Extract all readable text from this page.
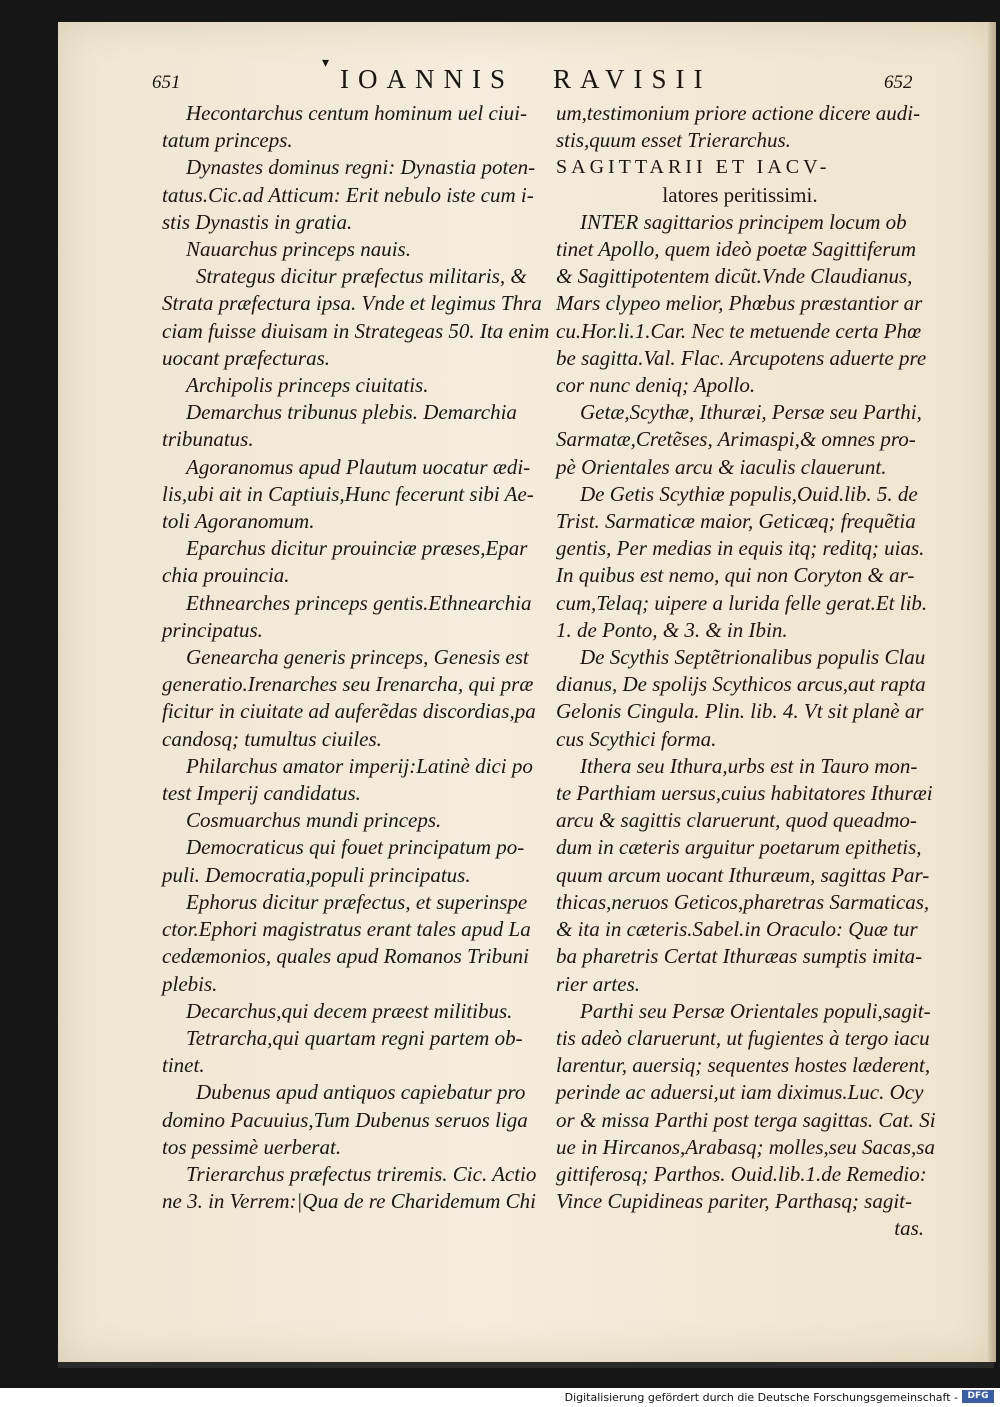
651	652
▾
IOANNIS RAVISII
Hecontarchus centum hominum uel ciui-
tatum princeps.
Dynastes dominus regni: Dynastia poten-
tatus.Cic.ad Atticum: Erit nebulo iste cum i-
stis Dynastis in gratia.
Nauarchus princeps nauis.
Strategus dicitur præfectus militaris, &
Strata præfectura ipsa. Vnde et legimus Thra
ciam fuisse diuisam in Strategeas 50. Ita enim
uocant præfecturas.
Archipolis princeps ciuitatis.
Demarchus tribunus plebis. Demarchia
tribunatus.
Agoranomus apud Plautum uocatur ædi-
lis,ubi ait in Captiuis,Hunc fecerunt sibi Ae-
toli Agoranomum.
Eparchus dicitur prouinciæ præses,Epar
chia prouincia.
Ethnearches princeps gentis.Ethnearchia
principatus.
Genearcha generis princeps, Genesis est
generatio.Irenarches seu Irenarcha, qui præ
ficitur in ciuitate ad auferẽdas discordias,pa
candosq; tumultus ciuiles.
Philarchus amator imperij:Latinè dici po
test Imperij candidatus.
Cosmuarchus mundi princeps.
Democraticus qui fouet principatum po-
puli. Democratia,populi principatus.
Ephorus dicitur præfectus, et superinspe
ctor.Ephori magistratus erant tales apud La
cedæmonios, quales apud Romanos Tribuni
plebis.
Decarchus,qui decem præest militibus.
Tetrarcha,qui quartam regni partem ob-
tinet.
Dubenus apud antiquos capiebatur pro
domino Pacuuius,Tum Dubenus seruos liga
tos pessimè uerberat.
Trierarchus præfectus triremis. Cic. Actio
ne 3. in Verrem:|Qua de re Charidemum Chi
um,testimonium priore actione dicere audi-
stis,quum esset Trierarchus.
SAGITTARII ET IACV-
latores peritissimi.
INTER sagittarios principem locum ob
tinet Apollo, quem ideò poetæ Sagittiferum
& Sagittipotentem dicũt.Vnde Claudianus,
Mars clypeo melior, Phœbus præstantior ar
cu.Hor.li.1.Car. Nec te metuende certa Phœ
be sagitta.Val. Flac. Arcupotens aduerte pre
cor nunc deniq; Apollo.
Getæ,Scythæ, Ithuræi, Persæ seu Parthi,
Sarmatæ,Cretẽses, Arimaspi,& omnes pro-
pè Orientales arcu & iaculis clauerunt.
De Getis Scythiæ populis,Ouid.lib. 5. de
Trist. Sarmaticæ maior, Geticæq; frequẽtia
gentis, Per medias in equis itq; reditq; uias.
In quibus est nemo, qui non Coryton & ar-
cum,Telaq; uipere a lurida felle gerat.Et lib.
1. de Ponto, & 3. & in Ibin.
De Scythis Septẽtrionalibus populis Clau
dianus, De spolijs Scythicos arcus,aut rapta
Gelonis Cingula. Plin. lib. 4. Vt sit planè ar
cus Scythici forma.
Ithera seu Ithura,urbs est in Tauro mon-
te Parthiam uersus,cuius habitatores Ithuræi
arcu & sagittis claruerunt, quod queadmo-
dum in cæteris arguitur poetarum epithetis,
quum arcum uocant Ithuræum, sagittas Par-
thicas,neruos Geticos,pharetras Sarmaticas,
& ita in cæteris.Sabel.in Oraculo: Quæ tur
ba pharetris Certat Ithuræas sumptis imita-
rier artes.
Parthi seu Persæ Orientales populi,sagit-
tis adeò claruerunt, ut fugientes à tergo iacu
larentur, auersiq; sequentes hostes læderent,
perinde ac aduersi,ut iam diximus.Luc. Ocy
or & missa Parthi post terga sagittas. Cat. Si
ue in Hircanos,Arabasq; molles,seu Sacas,sa
gittiferosq; Parthos. Ouid.lib.1.de Remedio:
Vince Cupidineas pariter, Parthasq; sagit-
tas.
Digitalisierung gefördert durch die Deutsche Forschungsgemeinschaft -	DFG
